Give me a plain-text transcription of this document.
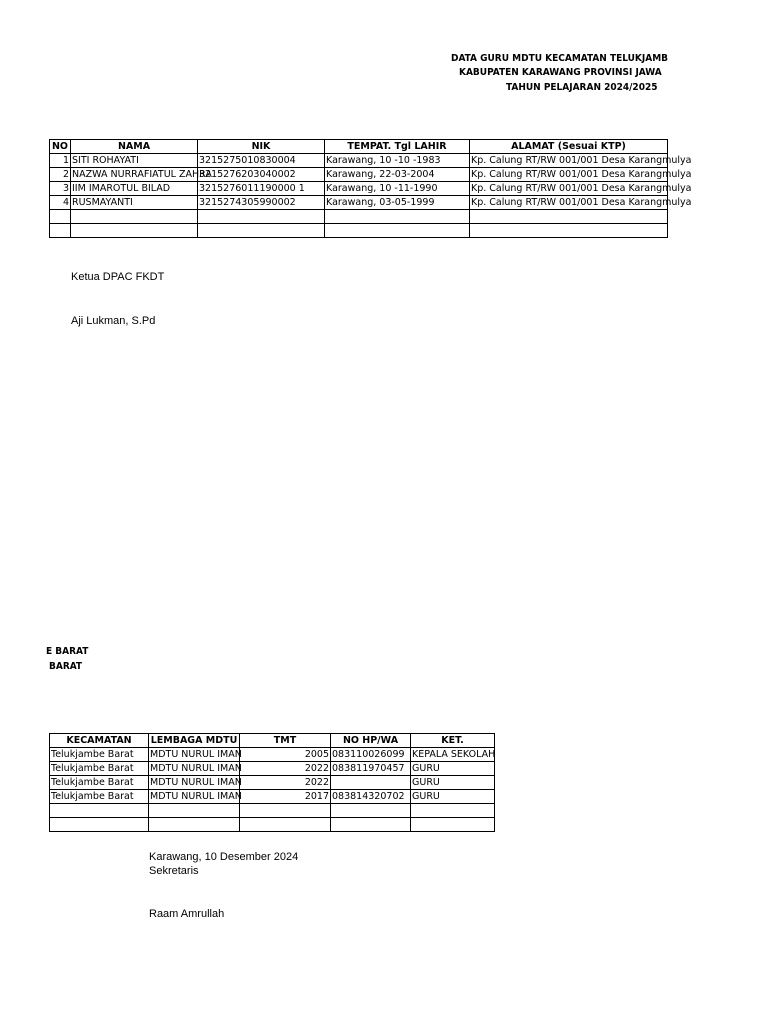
DATA GURU MDTU KECAMATAN TELUKJAMB
KABUPATEN KARAWANG PROVINSI JAWA
TAHUN PELAJARAN 2024/2025
NO	NAMA	NIK	TEMPAT. Tgl LAHIR	ALAMAT (Sesuai KTP)
1	SITI ROHAYATI	3215275010830004	Karawang, 10 -10 -1983	Kp. Calung RT/RW 001/001 Desa Karangmulya
2	NAZWA NURRAFIATUL ZAHRA	3215276203040002	Karawang, 22-03-2004	Kp. Calung RT/RW 001/001 Desa Karangmulya
3	IIM IMAROTUL BILAD	3215276011190000 1	Karawang, 10 -11-1990	Kp. Calung RT/RW 001/001 Desa Karangmulya
4	RUSMAYANTI	3215274305990002	Karawang, 03-05-1999	Kp. Calung RT/RW 001/001 Desa Karangmulya

Ketua DPAC FKDT
Aji Lukman, S.Pd
E BARAT
BARAT
KECAMATAN	LEMBAGA MDTU	TMT	NO HP/WA	KET.
Telukjambe Barat	MDTU NURUL IMAN	2005	083110026099	KEPALA SEKOLAH
Telukjambe Barat	MDTU NURUL IMAN	2022	083811970457	GURU
Telukjambe Barat	MDTU NURUL IMAN	2022		GURU
Telukjambe Barat	MDTU NURUL IMAN	2017	083814320702	GURU

Karawang, 10 Desember 2024
Sekretaris
Raam Amrullah
